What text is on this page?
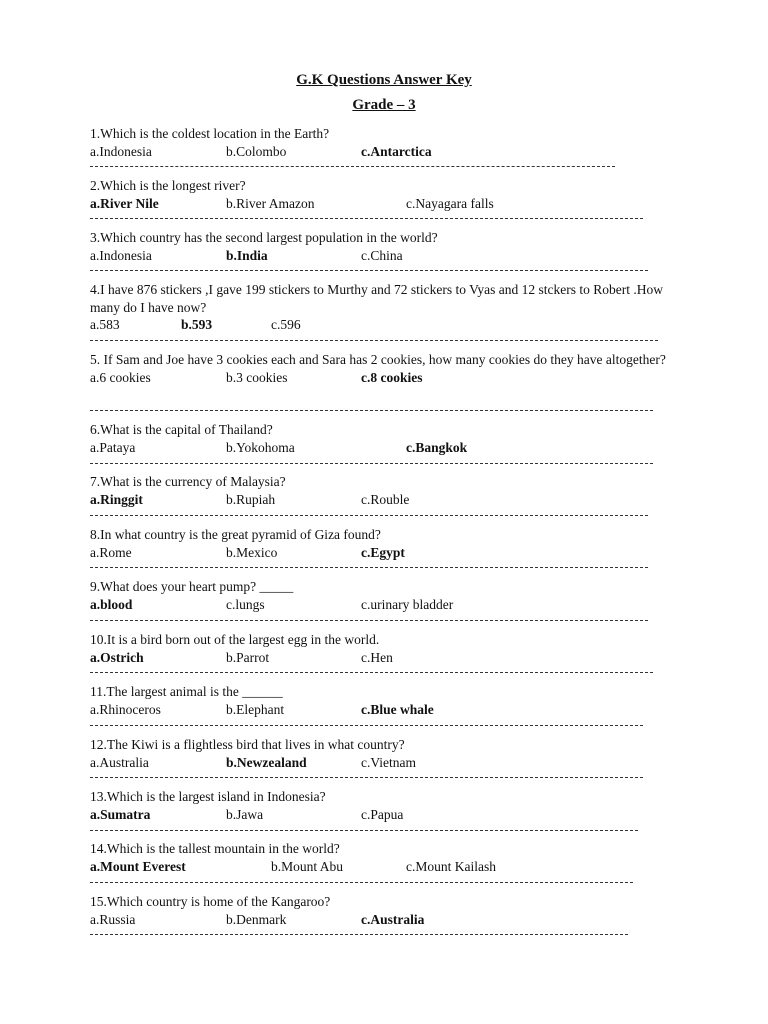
G.K Questions Answer Key
Grade – 3
1.Which is the coldest location in the Earth?
a.Indonesia	b.Colombo	c.Antarctica
2.Which is the longest river?
a.River Nile	b.River Amazon	c.Nayagara falls
3.Which country has the second largest population in the world?
a.Indonesia	b.India	c.China
4.I have 876 stickers ,I gave 199 stickers to Murthy and 72 stickers to Vyas and 12 stckers to Robert .How many do I have now?
a.583	b.593	c.596
5. If Sam and Joe have 3 cookies each and Sara has 2 cookies, how many cookies do they have altogether?
a.6 cookies	b.3 cookies	c.8 cookies
6.What is the capital of Thailand?
a.Pataya	b.Yokohoma	c.Bangkok
7.What is the currency of Malaysia?
a.Ringgit	b.Rupiah	c.Rouble
8.In what country is the great pyramid of Giza found?
a.Rome	b.Mexico	c.Egypt
9.What does your heart pump? _____
a.blood	c.lungs	c.urinary bladder
10.It is a bird born out of the largest egg in the world.
a.Ostrich	b.Parrot	c.Hen
11.The largest animal is the ______
a.Rhinoceros	b.Elephant	c.Blue whale
12.The Kiwi is a flightless bird that lives in what country?
a.Australia	b.Newzealand	c.Vietnam
13.Which is the largest island in Indonesia?
a.Sumatra	b.Jawa	c.Papua
14.Which is the tallest mountain in the world?
a.Mount Everest	b.Mount Abu	c.Mount Kailash
15.Which country is home of the Kangaroo?
a.Russia	b.Denmark	c.Australia
